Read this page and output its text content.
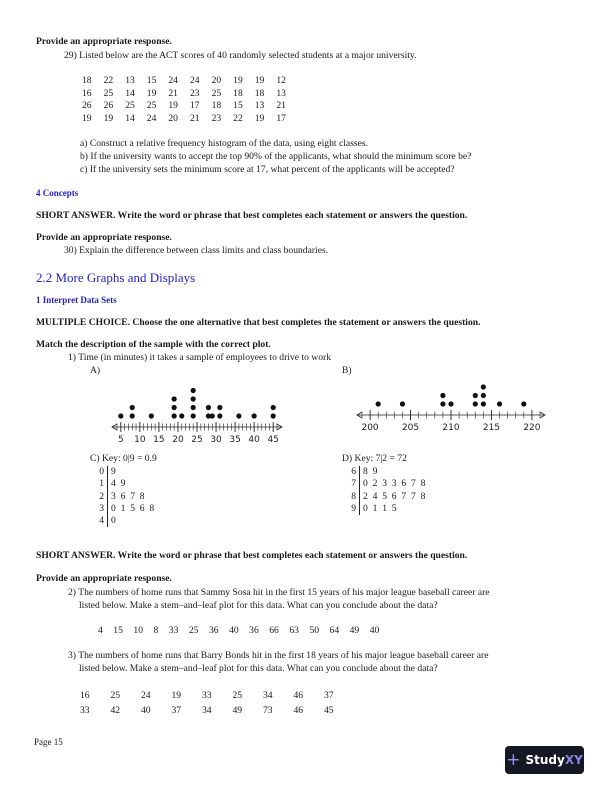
Provide an appropriate response.
29) Listed below are the ACT scores of 40 randomly selected students at a major university.
18	22	13	15	24	24	20	19	19	12
16	25	14	19	21	23	25	18	18	13
26	26	25	25	19	17	18	15	13	21
19	19	14	24	20	21	23	22	19	17
a) Construct a relative frequency histogram of the data, using eight classes.
b) If the university wants to accept the top 90% of the applicants, what should the minimum score be?
c) If the university sets the minimum score at 17, what percent of the applicants will be accepted?
4 Concepts
SHORT ANSWER. Write the word or phrase that best completes each statement or answers the question.
Provide an appropriate response.
30) Explain the difference between class limits and class boundaries.
2.2 More Graphs and Displays
1 Interpret Data Sets
MULTIPLE CHOICE. Choose the one alternative that best completes the statement or answers the question.
Match the description of the sample with the correct plot.
1) Time (in minutes) it takes a sample of employees to drive to work
A)	B)
5 10 15 20 25 30 35 40 45
200	205	210	215	220
C) Key: 0|9 = 0.9
0 9
1 4 9
2 3 6 7 8
3 0 1 5 6 8
4 0
D) Key: 7|2 = 72
6 8 9
7 0 2 3 3 6 7 8
8 2 4 5 6 7 7 8
9 0 1 1 5
SHORT ANSWER. Write the word or phrase that best completes each statement or answers the question.
Provide an appropriate response.
2) The numbers of home runs that Sammy Sosa hit in the first 15 years of his major league baseball career are
listed below. Make a stem–and–leaf plot for this data. What can you conclude about the data?
4 15 10 8 33 25 36 40 36 66 63 50 64 49 40
3) The numbers of home runs that Barry Bonds hit in the first 18 years of his major league baseball career are
listed below. Make a stem–and–leaf plot for this data. What can you conclude about the data?
16	25	24	19	33	25	34	46	37
33	42	40	37	34	49	73	46	45
Page 15
+ Study XY
